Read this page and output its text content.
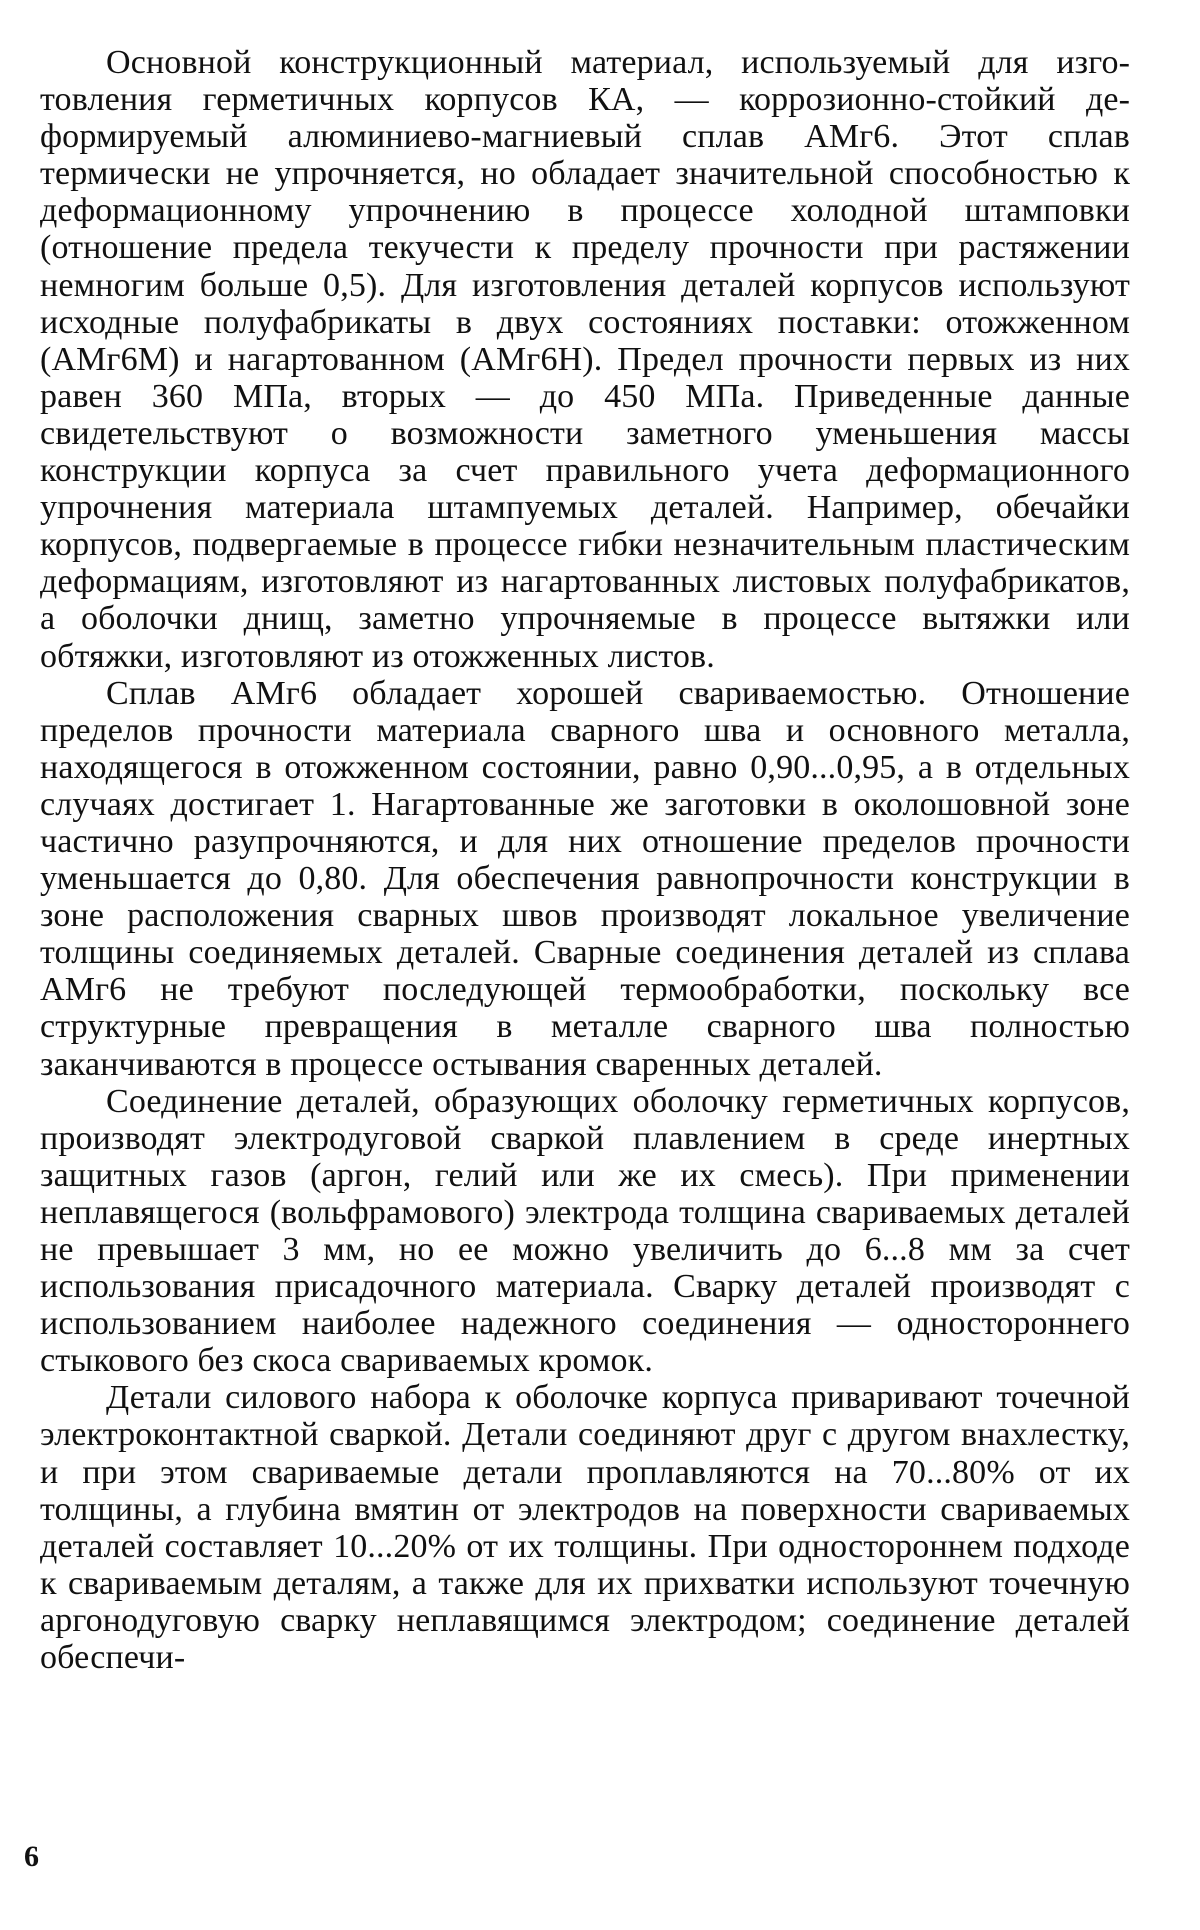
Основной конструкционный материал, используемый для изготовления герметичных корпусов КА, — коррозионно-стойкий деформируемый алюминиево-магниевый сплав АМг6. Этот сплав термически не упрочняется, но обладает значительной способностью к деформационному упрочнению в процессе холодной штамповки (отношение предела текучести к пределу прочности при растяжении немногим больше 0,5). Для изготовления деталей корпусов используют исходные полуфабрикаты в двух состояниях поставки: отожженном (АМг6М) и нагартованном (АМг6Н). Предел прочности первых из них равен 360 МПа, вторых — до 450 МПа. Приведенные данные свидетельствуют о возможности заметного уменьшения массы конструкции корпуса за счет правильного учета деформационного упрочнения материала штампуемых деталей. Например, обечайки корпусов, подвергаемые в процессе гибки незначительным пластическим деформациям, изготовляют из нагартованных листовых полуфабрикатов, а оболочки днищ, заметно упрочняемые в процессе вытяжки или обтяжки, изготовляют из отожженных листов.

Сплав АМг6 обладает хорошей свариваемостью. Отношение пределов прочности материала сварного шва и основного металла, находящегося в отожженном состоянии, равно 0,90...0,95, а в отдельных случаях достигает 1. Нагартованные же заготовки в околошовной зоне частично разупрочняются, и для них отношение пределов прочности уменьшается до 0,80. Для обеспечения равнопрочности конструкции в зоне расположения сварных швов производят локальное увеличение толщины соединяемых деталей. Сварные соединения деталей из сплава АМг6 не требуют последующей термообработки, поскольку все структурные превращения в металле сварного шва полностью заканчиваются в процессе остывания сваренных деталей.

Соединение деталей, образующих оболочку герметичных корпусов, производят электродуговой сваркой плавлением в среде инертных защитных газов (аргон, гелий или же их смесь). При применении неплавящегося (вольфрамового) электрода толщина свариваемых деталей не превышает 3 мм, но ее можно увеличить до 6...8 мм за счет использования присадочного материала. Сварку деталей производят с использованием наиболее надежного соединения — одностороннего стыкового без скоса свариваемых кромок.

Детали силового набора к оболочке корпуса приваривают точечной электроконтактной сваркой. Детали соединяют друг с другом внахлестку, и при этом свариваемые детали проплавляются на 70...80% от их толщины, а глубина вмятин от электродов на поверхности свариваемых деталей составляет 10...20% от их толщины. При одностороннем подходе к свариваемым деталям, а также для их прихватки используют точечную аргонодуговую сварку неплавящимся электродом; соединение деталей обеспечи-

6
